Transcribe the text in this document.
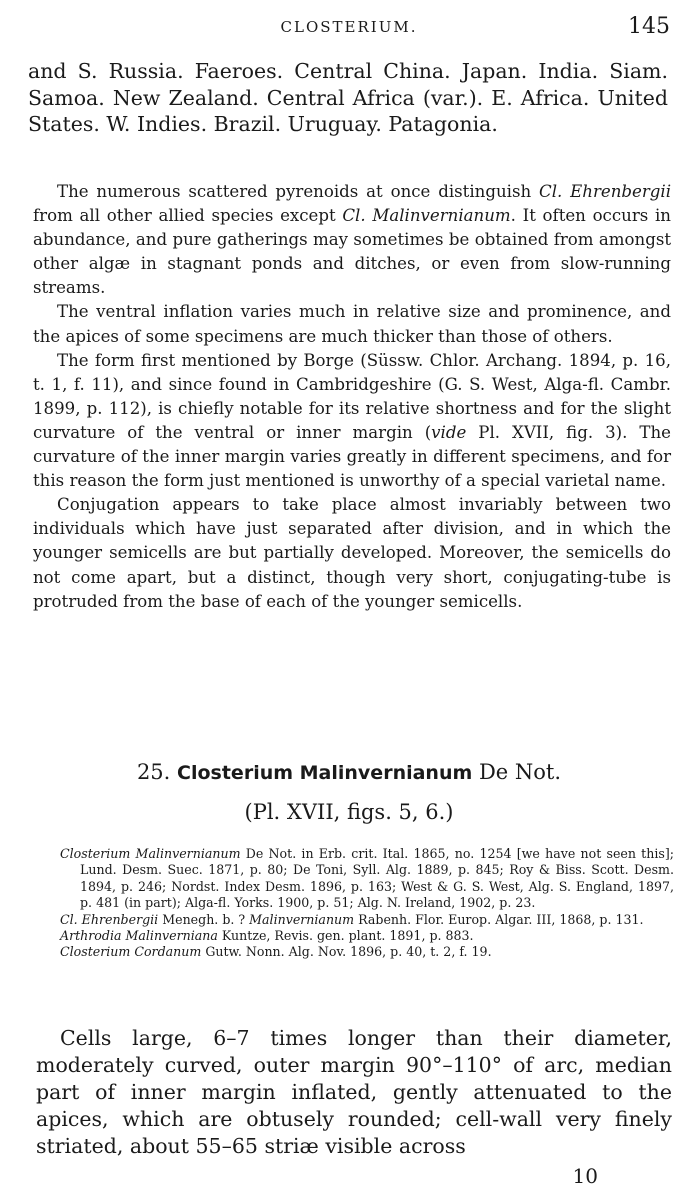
CLOSTERIUM.	145

and S. Russia. Faeroes. Central China. Japan. India. Siam. Samoa. New Zealand. Central Africa (var.). E. Africa. United States. W. Indies. Brazil. Uruguay. Patagonia.

The numerous scattered pyrenoids at once distinguish Cl. Ehrenbergii from all other allied species except Cl. Malinvernianum. It often occurs in abundance, and pure gatherings may sometimes be obtained from amongst other algæ in stagnant ponds and ditches, or even from slow-running streams.

The ventral inflation varies much in relative size and prominence, and the apices of some specimens are much thicker than those of others.

The form first mentioned by Borge (Süssw. Chlor. Archang. 1894, p. 16, t. 1, f. 11), and since found in Cambridgeshire (G. S. West, Alga-fl. Cambr. 1899, p. 112), is chiefly notable for its relative shortness and for the slight curvature of the ventral or inner margin (vide Pl. XVII, fig. 3). The curvature of the inner margin varies greatly in different specimens, and for this reason the form just mentioned is unworthy of a special varietal name.

Conjugation appears to take place almost invariably between two individuals which have just separated after division, and in which the younger semicells are but partially developed. Moreover, the semicells do not come apart, but a distinct, though very short, conjugating-tube is protruded from the base of each of the younger semicells.

25. Closterium Malinvernianum De Not.
(Pl. XVII, figs. 5, 6.)

Closterium Malinvernianum De Not. in Erb. crit. Ital. 1865, no. 1254 [we have not seen this]; Lund. Desm. Suec. 1871, p. 80; De Toni, Syll. Alg. 1889, p. 845; Roy & Biss. Scott. Desm. 1894, p. 246; Nordst. Index Desm. 1896, p. 163; West & G. S. West, Alg. S. England, 1897, p. 481 (in part); Alga-fl. Yorks. 1900, p. 51; Alg. N. Ireland, 1902, p. 23.

Cl. Ehrenbergii Menegh. b. ? Malinvernianum Rabenh. Flor. Europ. Algar. III, 1868, p. 131.

Arthrodia Malinverniana Kuntze, Revis. gen. plant. 1891, p. 883.

Closterium Cordanum Gutw. Nonn. Alg. Nov. 1896, p. 40, t. 2, f. 19.

Cells large, 6–7 times longer than their diameter, moderately curved, outer margin 90°–110° of arc, median part of inner margin inflated, gently attenuated to the apices, which are obtusely rounded; cell-wall very finely striated, about 55–65 striæ visible across

10
